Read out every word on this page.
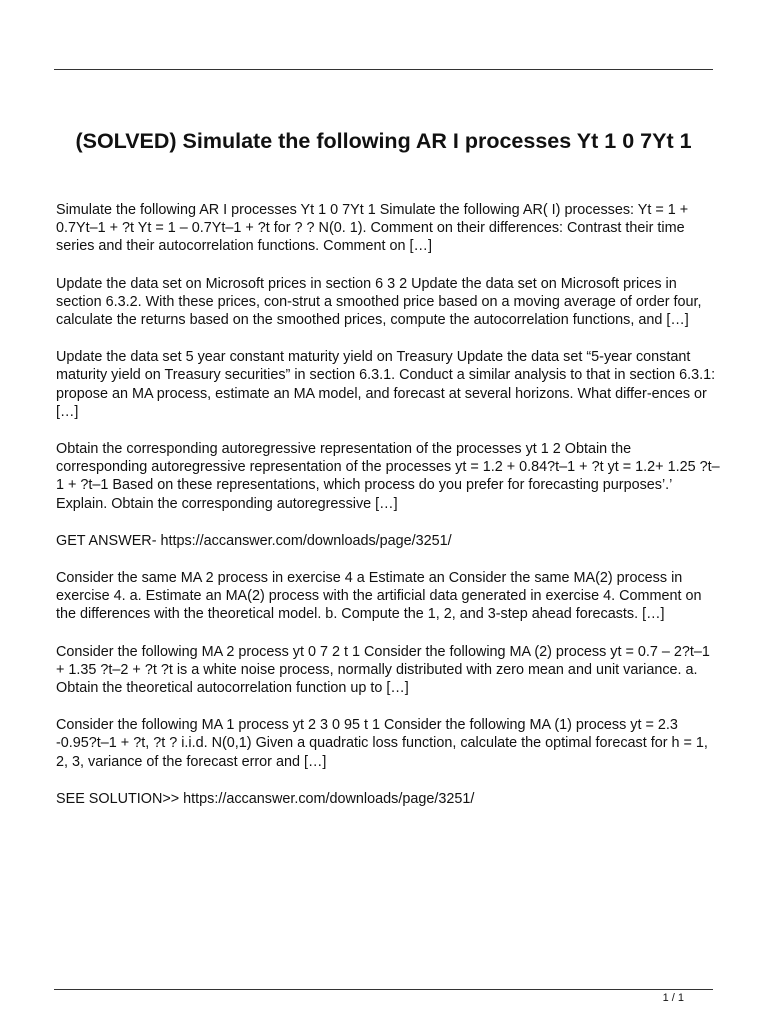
(SOLVED) Simulate the following AR I processes Yt 1 0 7Yt 1

Simulate the following AR I processes Yt 1 0 7Yt 1 Simulate the following AR( I) processes: Yt = 1 + 0.7Yt–1 + ?t Yt = 1 – 0.7Yt–1 + ?t for ? ? N(0. 1). Comment on their differences: Contrast their time series and their autocorrelation functions. Comment on […]

Update the data set on Microsoft prices in section 6 3 2 Update the data set on Microsoft prices in section 6.3.2. With these prices, con-strut a smoothed price based on a moving average of order four, calculate the returns based on the smoothed prices, compute the autocorrelation functions, and […]

Update the data set 5 year constant maturity yield on Treasury Update the data set “5-year constant maturity yield on Treasury securities” in section 6.3.1. Conduct a similar analysis to that in section 6.3.1: propose an MA process, estimate an MA model, and forecast at several horizons. What differ-ences or […]

Obtain the corresponding autoregressive representation of the processes yt 1 2 Obtain the corresponding autoregressive representation of the processes yt = 1.2 + 0.84?t–1 + ?t yt = 1.2+ 1.25 ?t–1 + ?t–1 Based on these representations, which process do you prefer for forecasting purposes’.’ Explain. Obtain the corresponding autoregressive […]

GET ANSWER- https://accanswer.com/downloads/page/3251/

Consider the same MA 2 process in exercise 4 a Estimate an Consider the same MA(2) process in exercise 4. a. Estimate an MA(2) process with the artificial data generated in exercise 4. Comment on the differences with the theoretical model. b. Compute the 1, 2, and 3-step ahead forecasts. […]

Consider the following MA 2 process yt 0 7 2 t 1 Consider the following MA (2) process yt = 0.7 – 2?t–1 + 1.35 ?t–2 + ?t ?t is a white noise process, normally distributed with zero mean and unit variance. a. Obtain the theoretical autocorrelation function up to […]

Consider the following MA 1 process yt 2 3 0 95 t 1 Consider the following MA (1) process yt = 2.3 -0.95?t–1 + ?t, ?t ? i.i.d. N(0,1) Given a quadratic loss function, calculate the optimal forecast for h = 1, 2, 3, variance of the forecast error and […]

SEE SOLUTION>> https://accanswer.com/downloads/page/3251/

1 / 1
